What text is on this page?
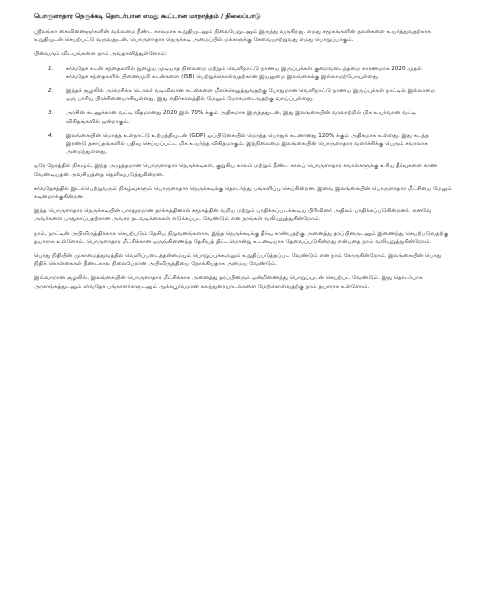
பொருளாதார நெருக்கடி தொடர்பான எமது கூட்டான மாநாத்தம் / நிலைப்பாடு

ஸ்ரீலங்கா கைவினைஞர்களின் வல்லமை நீண்ட காலமாக உறுதியுடனும் நிலைபேறுடனும் இருந்து வருகிறது. எமது சமூகங்களின் நலன்களை உயர்த்துவதற்காக உறுதியுடன் செயற்பட்டு வருவதுடன், பொருளாதார நெருக்கடி அமைப்பில் மக்களுக்கு சேவையாற்றுவது எமது பொறுப்பாகும்.

பின்வரும் விடயங்களை நாம் அவதானித்துள்ளோம்:

1.	சர்வதேச கடன் சந்தைகளில் நுழைய முடியாத நிலைமை மற்றும் வெளிநாட்டு நாணய இருப்புக்கள் குறைவடைந்தமை காரணமாக 2020 முதல் சர்வதேச சந்தைகளில் பிணைமுறி கடன்களை (ISB) பெற்றுக்கொள்வதற்கான இயலுமை இலங்கைக்கு இல்லாமற்போயுள்ளது.
2.	இந்தச் சூழலில் அமெரிக்க டொலர் வடிவிலான கடன்களை மீளச்செலுத்துவதற்கு போதுமான வெளிநாட்டு நாணய இருப்புக்கள் நாட்டில் இல்லாமை ஒரு பாரிய பிரச்சினையாகியுள்ளது. இது எதிர்காலத்தில் மேலும் மோசமடைவதற்கு வாய்ப்புள்ளது.
3.	அரசின் கடனுக்கான வட்டி வீதமானது 2020 இல் 70% க்கும் அதிகமாக இருந்ததுடன், இது இலங்கையின் வரலாற்றில் மிக உயர்வான வட்டி விகிதங்களில் ஒன்றாகும்.
4.	இலங்கையின் மொத்த உள்நாட்டு உற்பத்தியுடன் (GDP) ஒப்பிடுகையில் மொத்த பொதுக் கடனானது 120% க்கும் அதிகமாக உள்ளது. இது கடந்த இரண்டு தசாப்தங்களில் பதிவு செய்யப்பட்ட மிக உயர்ந்த விகிதமாகும். இந்நிலைமை இலங்கையின் பொருளாதார வளர்ச்சிக்கு பெரும் சவாலாக அமைந்துள்ளது.

ஒரே நேரத்தில் நிகழும், இந்த அழுத்தமான பொருளாதார நெருக்கடிகள், குறுகிய காலம் மற்றும் நீண்ட காலப் பொருளாதார சவால்களுக்கு உரிய தீர்வுகளை காண வேண்டியதன் அவசியத்தை தெளிவுபடுத்துகின்றன.

சர்வதேசத்தில் இடம்பெற்றுவரும் நிகழ்வுகளும் பொருளாதார நெருக்கடிக்கு தொடர்ந்து பங்களிப்பு செய்கின்றன. இவை இலங்கையின் பொருளாதார மீட்சியை மேலும் கடினமாக்குகின்றன.

இந்த பொருளாதார நெருக்கடியின் பாரதூரமான தாக்கத்தினால் சமூகத்தின் வறிய மற்றும் பாதிக்கப்படக்கூடிய பிரிவினர் அதிகம் பாதிக்கப்படுகின்றனர். எனவே அவர்களை பாதுகாப்பதற்கான அவசர நடவடிக்கைகள் எடுக்கப்பட வேண்டும் என நாங்கள் வலியுறுத்துகின்றோம்.

நாம், நாட்டின் அபிவிருத்திக்காக செயற்படும் தேசிய நிறுவனங்களாக, இந்த நெருக்கடிக்கு தீர்வு காண்பதற்கு அனைத்து தரப்பினருடனும் இணைந்து செயற்படுவதற்கு தயாராக உள்ளோம். பொருளாதார மீட்சிக்கான ஒருங்கிணைந்த தேசியத் திட்டமொன்று உடனடியாக தேவைப்படுகின்றது என்பதை நாம் வலியுறுத்துகின்றோம்.

பொது நிதியின் முகாமைத்துவத்தில் வெளிப்படைத்தன்மையும் பொறுப்புக்கூறலும் உறுதிப்படுத்தப்பட வேண்டும் என நாம் கோருகின்றோம். இலங்கையின் பொது நிதிக் கொள்கைகள் நீண்டகால நிலைபேறான அபிவிருத்தியை நோக்கியதாக அமைய வேண்டும்.

இவ்வாறான சூழலில், இலங்கையின் பொருளாதார மீட்சிக்காக அனைத்து தரப்பினரும் ஒன்றிணைந்து பொறுப்புடன் செயற்பட வேண்டும். இது தொடர்பாக அரசாங்கத்துடனும் சர்வதேச பங்காளர்களுடனும் ஆக்கபூர்வமான கலந்துரையாடல்களை மேற்கொள்வதற்கு நாம் தயாராக உள்ளோம்.
